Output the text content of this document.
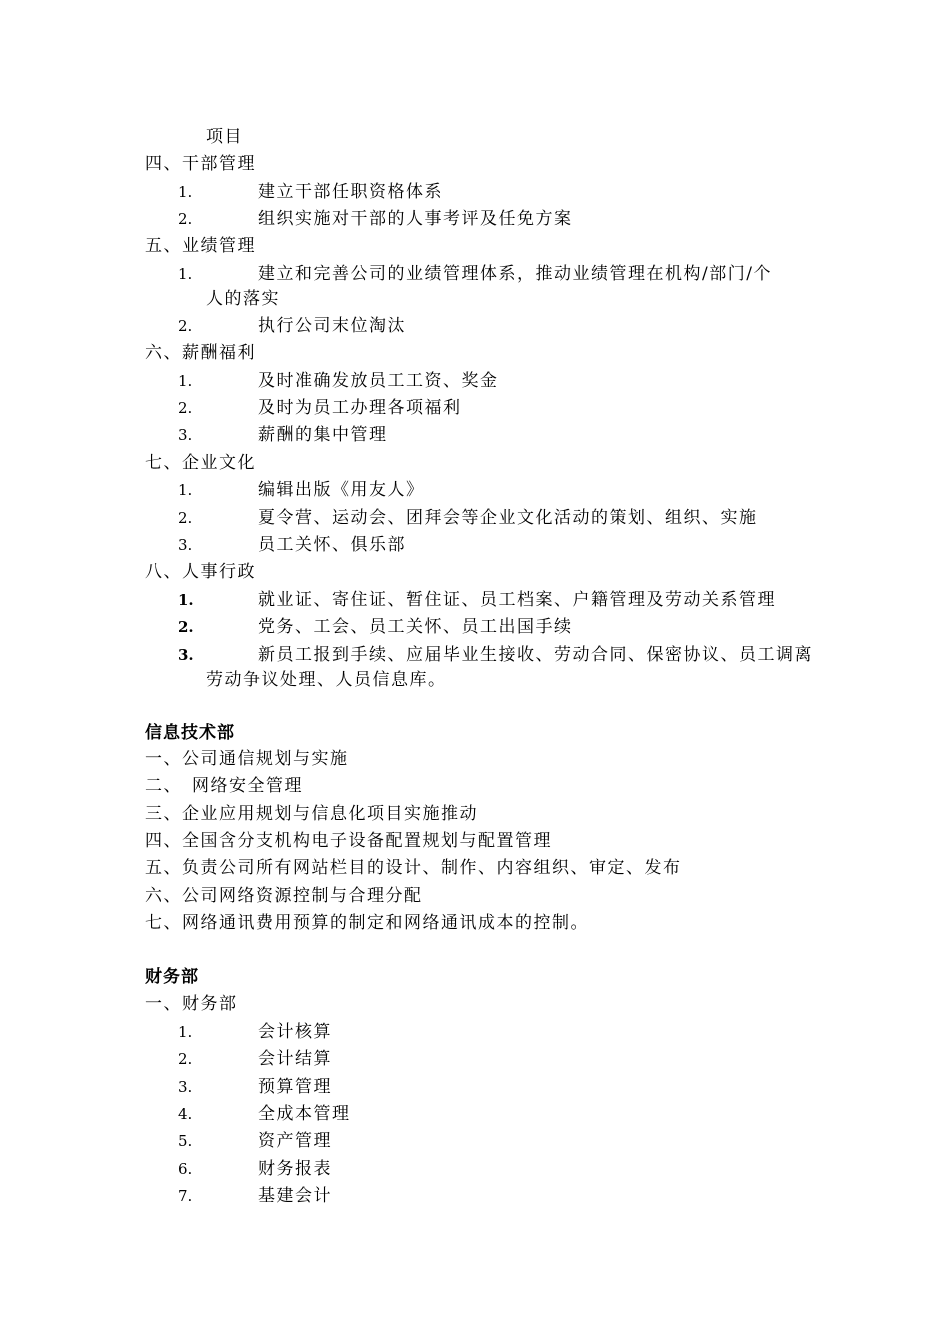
项目
四、干部管理
1.	建立干部任职资格体系
2.	组织实施对干部的人事考评及任免方案
五、业绩管理
1.	建立和完善公司的业绩管理体系，推动业绩管理在机构/部门/个
人的落实
2.	执行公司末位淘汰
六、薪酬福利
1.	及时准确发放员工工资、奖金
2.	及时为员工办理各项福利
3.	薪酬的集中管理
七、企业文化
1.	编辑出版《用友人》
2.	夏令营、运动会、团拜会等企业文化活动的策划、组织、实施
3.	员工关怀、俱乐部
八、人事行政
1.	就业证、寄住证、暂住证、员工档案、户籍管理及劳动关系管理
2.	党务、工会、员工关怀、员工出国手续
3.	新员工报到手续、应届毕业生接收、劳动合同、保密协议、员工调离
劳动争议处理、人员信息库。
信息技术部
一、公司通信规划与实施
二、　网络安全管理
三、企业应用规划与信息化项目实施推动
四、全国含分支机构电子设备配置规划与配置管理
五、负责公司所有网站栏目的设计、制作、内容组织、审定、发布
六、公司网络资源控制与合理分配
七、网络通讯费用预算的制定和网络通讯成本的控制。
财务部
一、财务部
1.	会计核算
2.	会计结算
3.	预算管理
4.	全成本管理
5.	资产管理
6.	财务报表
7.	基建会计
